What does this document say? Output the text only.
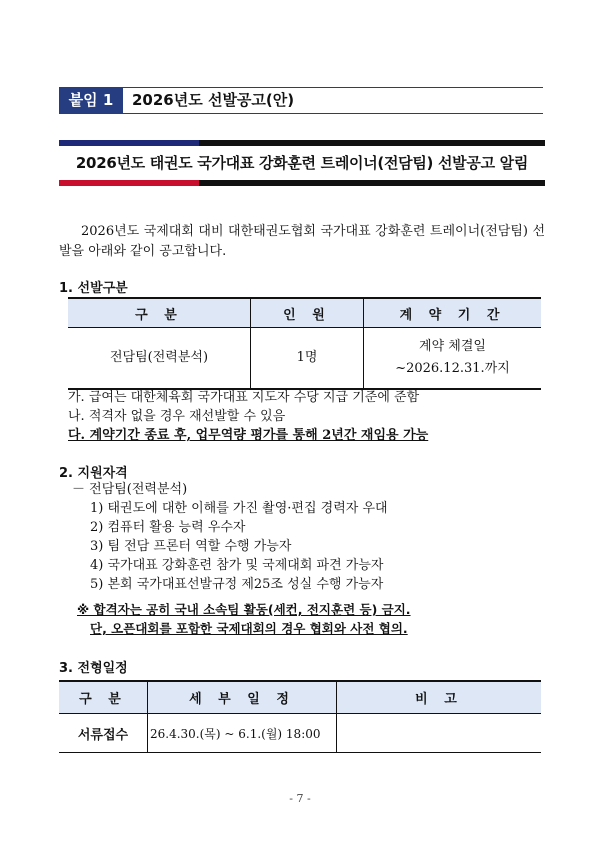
붙임 1	2026년도 선발공고(안)
2026년도 태권도 국가대표 강화훈련 트레이너(전담팀) 선발공고 알림
2026년도 국제대회 대비 대한태권도협회 국가대표 강화훈련 트레이너(전담팀) 선발을 아래와 같이 공고합니다.
1. 선발구분
구 분	인 원	계 약 기 간
전담팀(전력분석)	1명	계약 체결일
~2026.12.31.까지
가. 급여는 대한체육회 국가대표 지도자 수당 지급 기준에 준함
나. 적격자 없을 경우 재선발할 수 있음
다. 계약기간 종료 후, 업무역량 평가를 통해 2년간 재임용 가능
2. 지원자격
－ 전담팀(전력분석)
1) 태권도에 대한 이해를 가진 촬영·편집 경력자 우대
2) 컴퓨터 활용 능력 우수자
3) 팀 전담 프론터 역할 수행 가능자
4) 국가대표 강화훈련 참가 및 국제대회 파견 가능자
5) 본회 국가대표선발규정 제25조 성실 수행 가능자
※ 합격자는 공히 국내 소속팀 활동(세컨, 전지훈련 등) 금지.
단, 오픈대회를 포함한 국제대회의 경우 협회와 사전 협의.
3. 전형일정
구 분	세 부 일 정	비 고
서류접수	26.4.30.(목) ~ 6.1.(월) 18:00	
- 7 -
